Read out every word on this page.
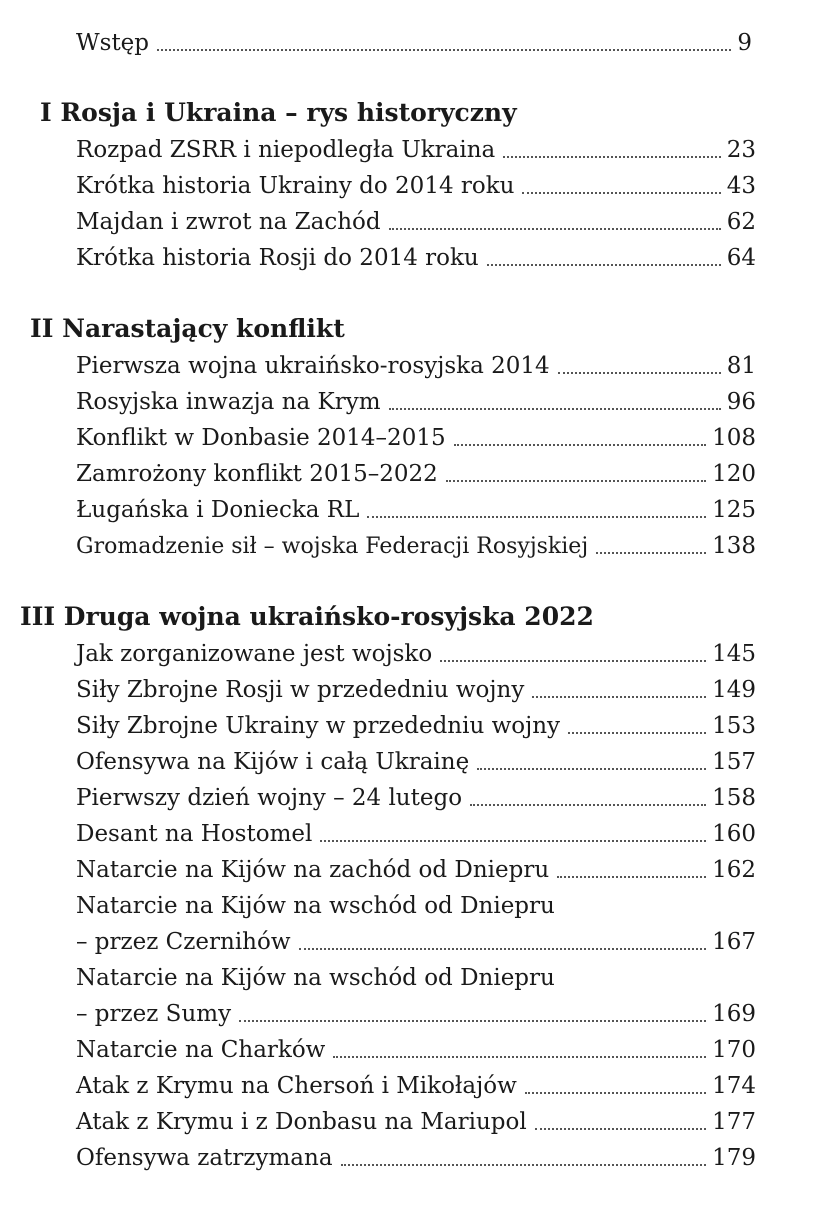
Wstęp	9
I Rosja i Ukraina – rys historyczny
Rozpad ZSRR i niepodległa Ukraina	23
Krótka historia Ukrainy do 2014 roku	43
Majdan i zwrot na Zachód	62
Krótka historia Rosji do 2014 roku	64
II Narastający konflikt
Pierwsza wojna ukraińsko-rosyjska 2014	81
Rosyjska inwazja na Krym	96
Konflikt w Donbasie 2014–2015	108
Zamrożony konflikt 2015–2022	120
Ługańska i Doniecka RL	125
Gromadzenie sił – wojska Federacji Rosyjskiej	138
III Druga wojna ukraińsko-rosyjska 2022
Jak zorganizowane jest wojsko	145
Siły Zbrojne Rosji w przededniu wojny	149
Siły Zbrojne Ukrainy w przededniu wojny	153
Ofensywa na Kijów i całą Ukrainę	157
Pierwszy dzień wojny – 24 lutego	158
Desant na Hostomel	160
Natarcie na Kijów na zachód od Dniepru	162
Natarcie na Kijów na wschód od Dniepru
– przez Czernihów	167
Natarcie na Kijów na wschód od Dniepru
– przez Sumy	169
Natarcie na Charków	170
Atak z Krymu na Chersoń i Mikołajów	174
Atak z Krymu i z Donbasu na Mariupol	177
Ofensywa zatrzymana	179
